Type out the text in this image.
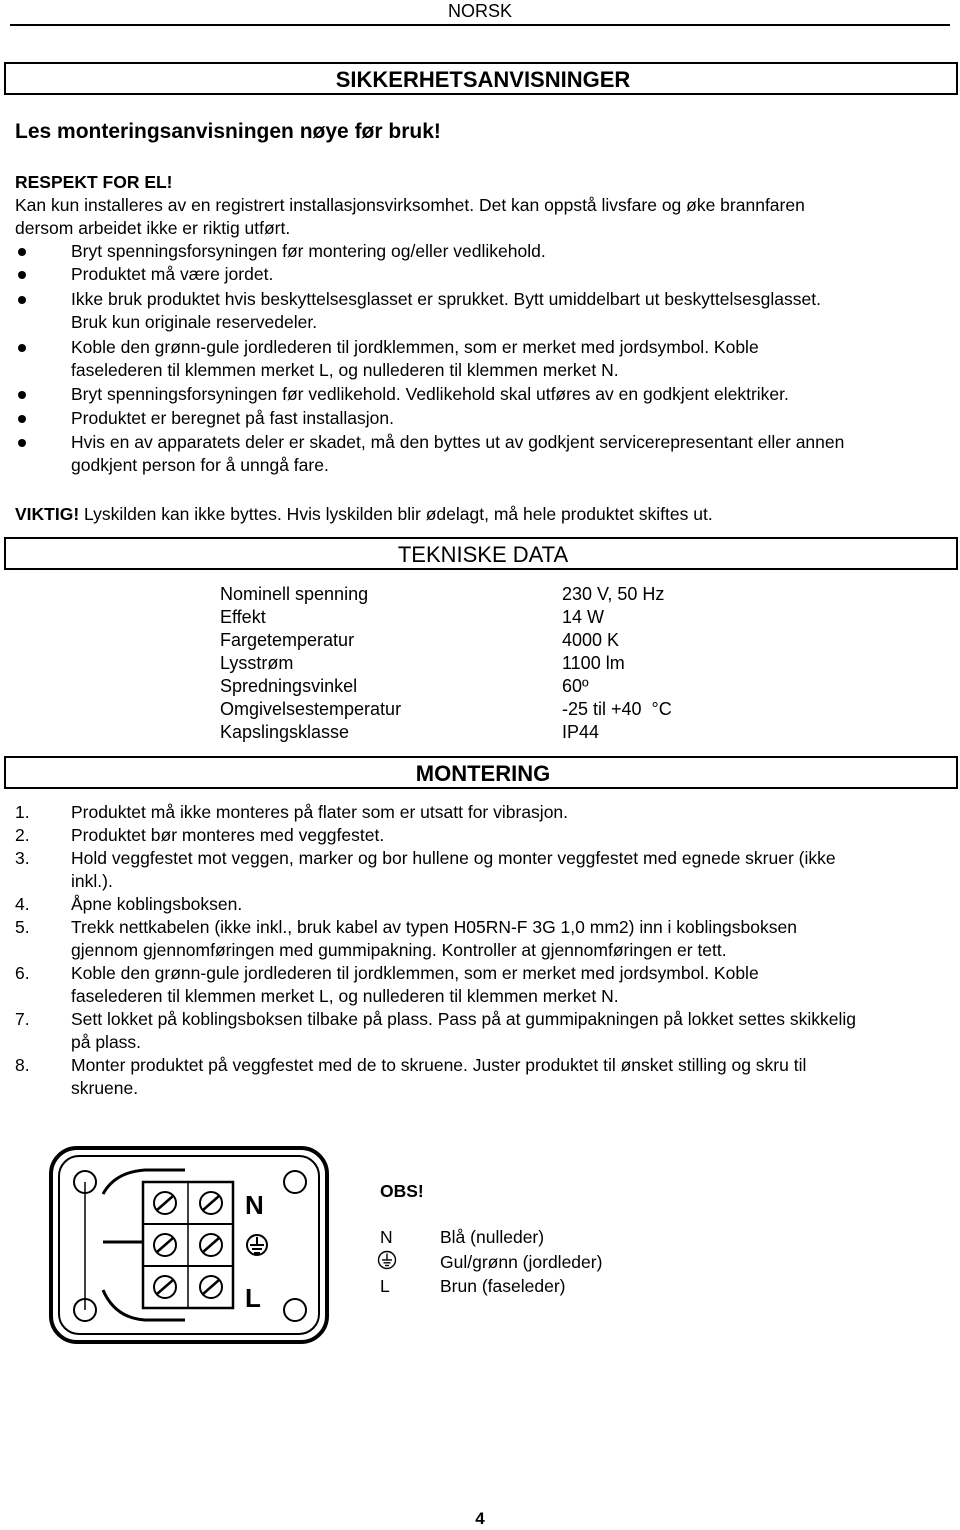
NORSK
SIKKERHETSANVISNINGER
Les monteringsanvisningen nøye før bruk!
RESPEKT FOR EL!
Kan kun installeres av en registrert installasjonsvirksomhet. Det kan oppstå livsfare og øke brannfaren
dersom arbeidet ikke er riktig utført.
Bryt spenningsforsyningen før montering og/eller vedlikehold.
Produktet må være jordet.
Ikke bruk produktet hvis beskyttelsesglasset er sprukket. Bytt umiddelbart ut beskyttelsesglasset.
Bruk kun originale reservedeler.
Koble den grønn-gule jordlederen til jordklemmen, som er merket med jordsymbol. Koble
faselederen til klemmen merket L, og nullederen til klemmen merket N.
Bryt spenningsforsyningen før vedlikehold. Vedlikehold skal utføres av en godkjent elektriker.
Produktet er beregnet på fast installasjon.
Hvis en av apparatets deler er skadet, må den byttes ut av godkjent servicerepresentant eller annen
godkjent person for å unngå fare.
VIKTIG! Lyskilden kan ikke byttes. Hvis lyskilden blir ødelagt, må hele produktet skiftes ut.
TEKNISKE DATA
Nominell spenning	230 V, 50 Hz
Effekt	14 W
Fargetemperatur	4000 K
Lysstrøm	1100 lm
Spredningsvinkel	60º
Omgivelsestemperatur	-25 til +40  °C
Kapslingsklasse	IP44
MONTERING
1. Produktet må ikke monteres på flater som er utsatt for vibrasjon.
2. Produktet bør monteres med veggfestet.
3. Hold veggfestet mot veggen, marker og bor hullene og monter veggfestet med egnede skruer (ikke
inkl.).
4. Åpne koblingsboksen.
5. Trekk nettkabelen (ikke inkl., bruk kabel av typen H05RN-F 3G 1,0 mm2) inn i koblingsboksen
gjennom gjennomføringen med gummipakning. Kontroller at gjennomføringen er tett.
6. Koble den grønn-gule jordlederen til jordklemmen, som er merket med jordsymbol. Koble
faselederen til klemmen merket L, og nullederen til klemmen merket N.
7. Sett lokket på koblingsboksen tilbake på plass. Pass på at gummipakningen på lokket settes skikkelig
på plass.
8. Monter produktet på veggfestet med de to skruene. Juster produktet til ønsket stilling og skru til
skruene.
N
L
OBS!
N	Blå (nulleder)
Gul/grønn (jordleder)
L	Brun (faseleder)
4
